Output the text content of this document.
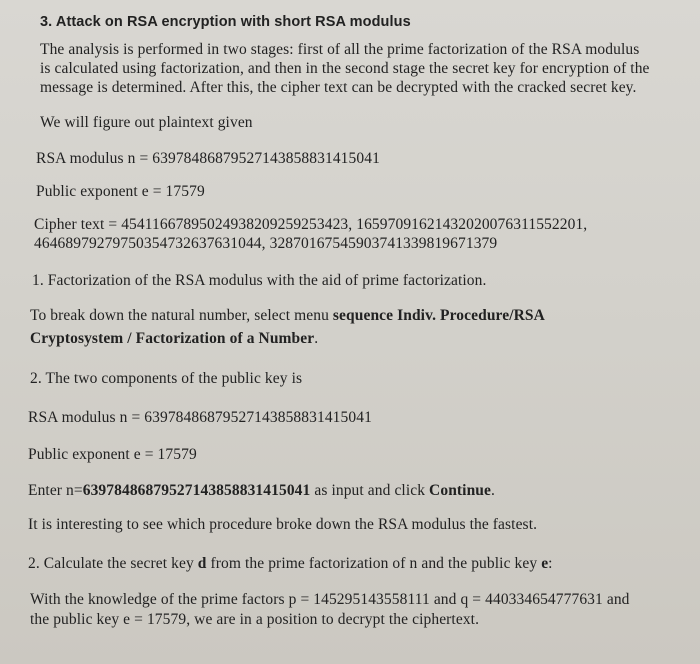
3. Attack on RSA encryption with short RSA modulus
The analysis is performed in two stages: first of all the prime factorization of the RSA modulus
is calculated using factorization, and then in the second stage the secret key for encryption of the
message is determined. After this, the cipher text can be decrypted with the cracked secret key.
We will figure out plaintext given
RSA modulus n = 63978486879527143858831415041
Public exponent e = 17579
Cipher text = 45411667895024938209259253423, 16597091621432020076311552201,
46468979279750354732637631044, 32870167545903741339819671379
1. Factorization of the RSA modulus with the aid of prime factorization.
To break down the natural number, select menu sequence Indiv. Procedure/RSA
Cryptosystem / Factorization of a Number.
2. The two components of the public key is
RSA modulus n = 63978486879527143858831415041
Public exponent e = 17579
Enter n=63978486879527143858831415041 as input and click Continue.
It is interesting to see which procedure broke down the RSA modulus the fastest.
2. Calculate the secret key d from the prime factorization of n and the public key e:
With the knowledge of the prime factors p = 145295143558111 and q = 440334654777631 and
the public key e = 17579, we are in a position to decrypt the ciphertext.
